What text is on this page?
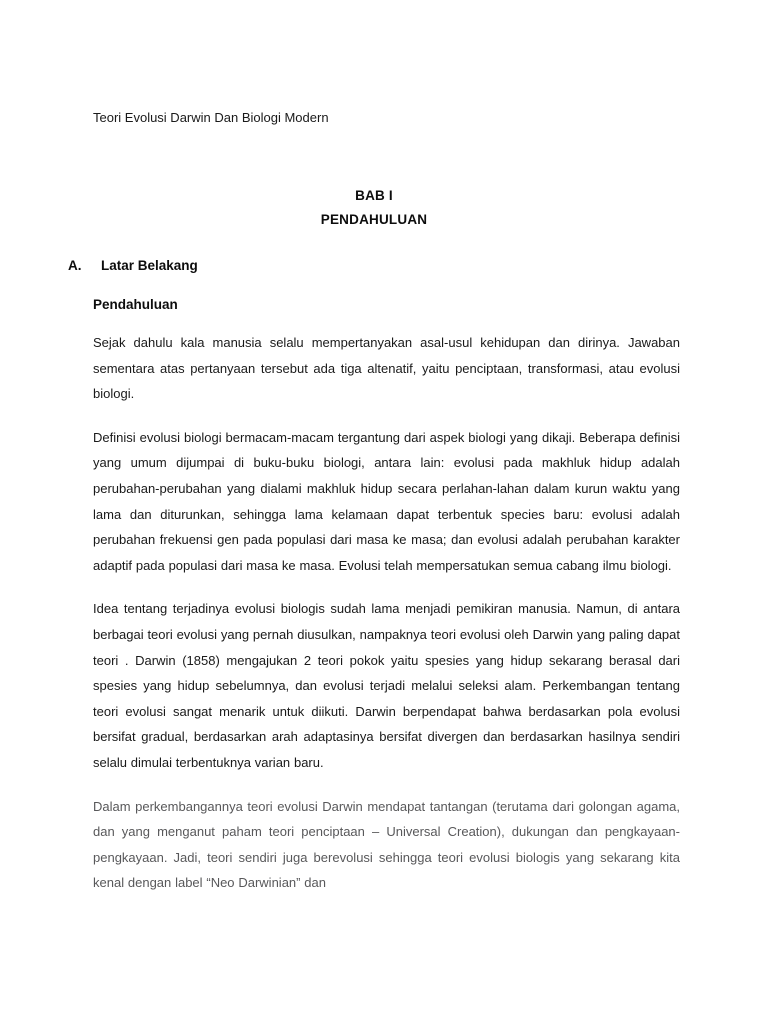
Teori Evolusi Darwin Dan Biologi Modern
BAB I
PENDAHULUAN
A.	Latar Belakang
Pendahuluan

Sejak dahulu kala manusia selalu mempertanyakan asal-usul kehidupan dan dirinya. Jawaban sementara atas pertanyaan tersebut ada tiga altenatif, yaitu penciptaan, transformasi, atau evolusi biologi.

Definisi evolusi biologi bermacam-macam tergantung dari aspek biologi yang dikaji. Beberapa definisi yang umum dijumpai di buku-buku biologi, antara lain: evolusi pada makhluk hidup adalah perubahan-perubahan yang dialami makhluk hidup secara perlahan-lahan dalam kurun waktu yang lama dan diturunkan, sehingga lama kelamaan dapat terbentuk species baru: evolusi adalah perubahan frekuensi gen pada populasi dari masa ke masa; dan evolusi adalah perubahan karakter adaptif pada populasi dari masa ke masa. Evolusi telah mempersatukan semua cabang ilmu biologi.

Idea tentang terjadinya evolusi biologis sudah lama menjadi pemikiran manusia. Namun, di antara berbagai teori evolusi yang pernah diusulkan, nampaknya teori evolusi oleh Darwin yang paling dapat teori . Darwin (1858) mengajukan 2 teori pokok yaitu spesies yang hidup sekarang berasal dari spesies yang hidup sebelumnya, dan evolusi terjadi melalui seleksi alam. Perkembangan tentang teori evolusi sangat menarik untuk diikuti. Darwin berpendapat bahwa berdasarkan pola evolusi bersifat gradual, berdasarkan arah adaptasinya bersifat divergen dan berdasarkan hasilnya sendiri selalu dimulai terbentuknya varian baru.

Dalam perkembangannya teori evolusi Darwin mendapat tantangan (terutama dari golongan agama, dan yang menganut paham teori penciptaan – Universal Creation), dukungan dan pengkayaan-pengkayaan. Jadi, teori sendiri juga berevolusi sehingga teori evolusi biologis yang sekarang kita kenal dengan label “Neo Darwinian” dan
